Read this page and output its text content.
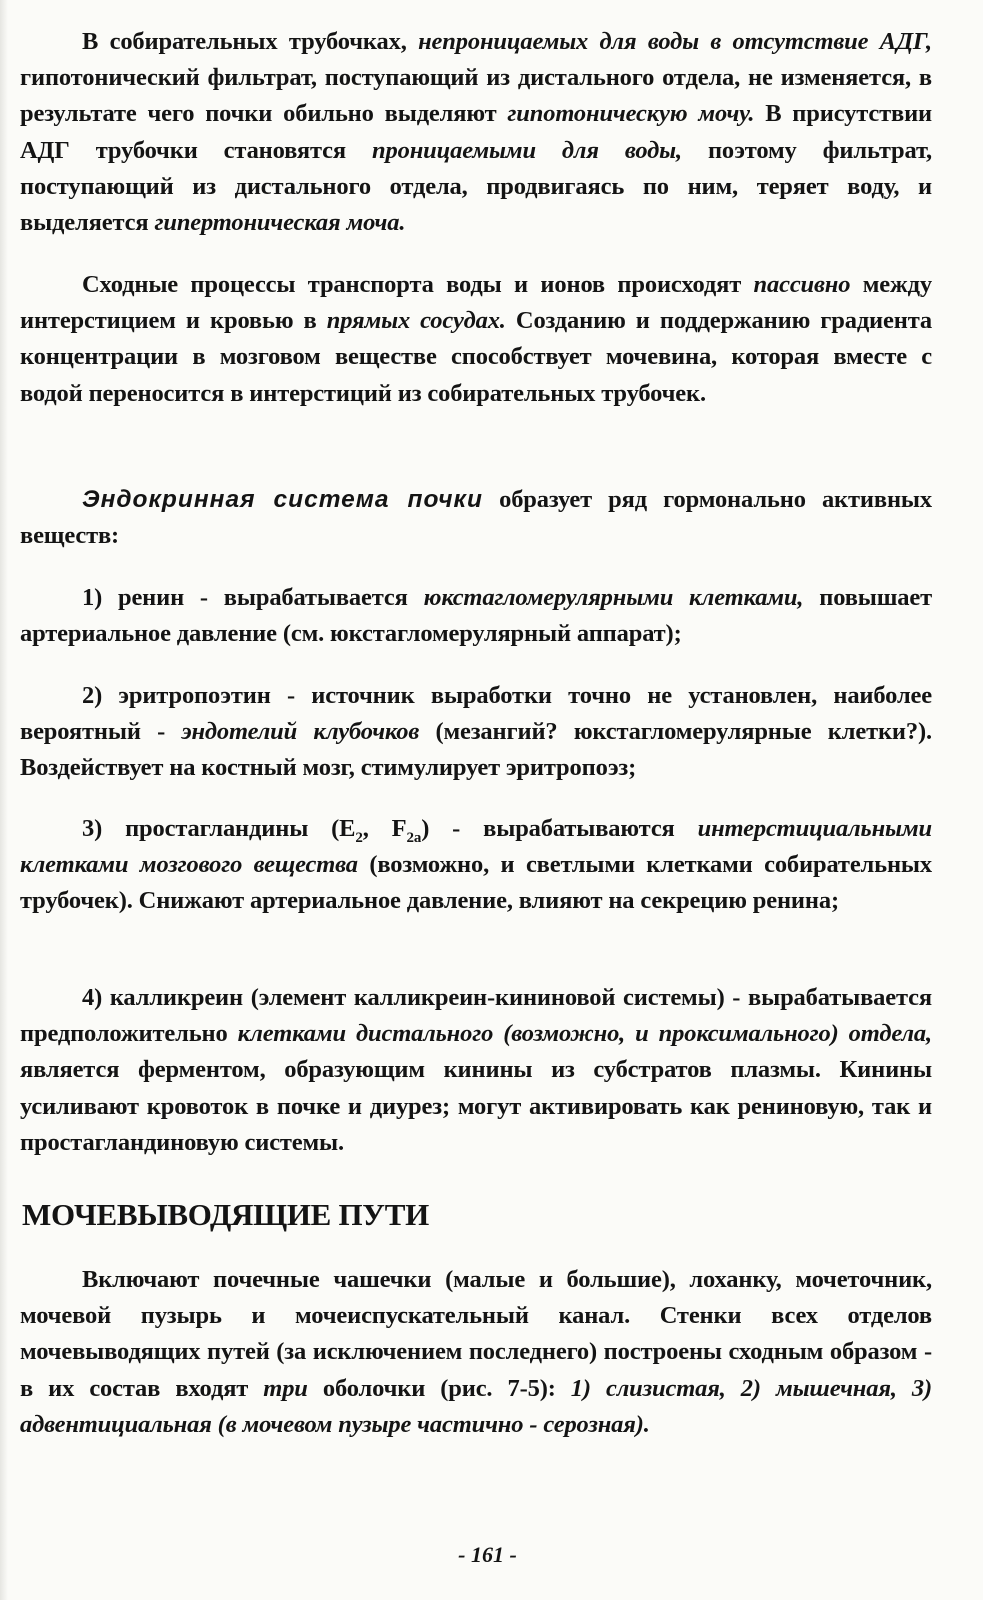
В собирательных трубочках, непроницаемых для воды в отсутствие АДГ, гипотонический фильтрат, поступающий из дистального отдела, не изменяется, в результате чего почки обильно выделяют гипотоническую мочу. В присутствии АДГ трубочки становятся проницаемыми для воды, поэтому фильтрат, поступающий из дистального отдела, продвигаясь по ним, теряет воду, и выделяется гипертоническая моча.

Сходные процессы транспорта воды и ионов происходят пассивно между интерстицием и кровью в прямых сосудах. Созданию и поддержанию градиента концентрации в мозговом веществе способствует мочевина, которая вместе с водой переносится в интерстиций из собирательных трубочек.

Эндокринная система почки образует ряд гормонально активных веществ:

1) ренин - вырабатывается юкстагломерулярными клетками, повышает артериальное давление (см. юкстагломерулярный аппарат);

2) эритропоэтин - источник выработки точно не установлен, наиболее вероятный - эндотелий клубочков (мезангий? юкстагломерулярные клетки?). Воздействует на костный мозг, стимулирует эритропоэз;

3) простагландины ($E_2$, $F_{2a}$) - вырабатываются интерстициальными клетками мозгового вещества (возможно, и светлыми клетками собирательных трубочек). Снижают артериальное давление, влияют на секрецию ренина;

4) калликреин (элемент калликреин-кининовой системы) - вырабатывается предположительно клетками дистального (возможно, и проксимального) отдела, является ферментом, образующим кинины из субстратов плазмы. Кинины усиливают кровоток в почке и диурез; могут активировать как рениновую, так и простагландиновую системы.

МОЧЕВЫВОДЯЩИЕ ПУТИ

Включают почечные чашечки (малые и большие), лоханку, мочеточник, мочевой пузырь и мочеиспускательный канал. Стенки всех отделов мочевыводящих путей (за исключением последнего) построены сходным образом - в их состав входят три оболочки (рис. 7-5): 1) слизистая, 2) мышечная, 3) адвентициальная (в мочевом пузыре частично - серозная).

- 161 -
